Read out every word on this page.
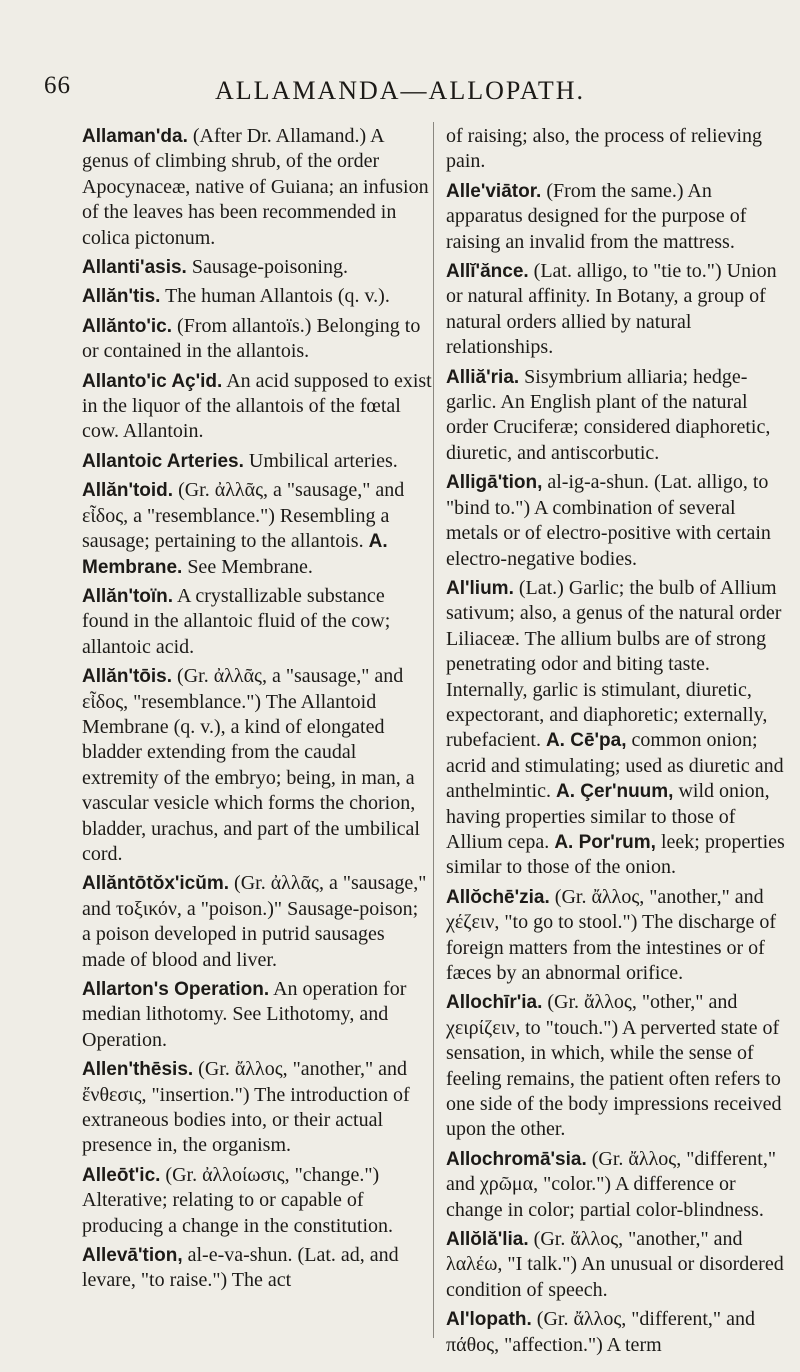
66	ALLAMANDA—ALLOPATH.

Allaman'da. (After Dr. Allamand.) A genus of climbing shrub, of the order Apocynaceæ, native of Guiana; an infusion of the leaves has been recommended in colica pictonum.

Allanti'asis. Sausage-poisoning.

Allăn'tis. The human Allantois (q. v.).

Allănto'ic. (From allantoïs.) Belonging to or contained in the allantois.

Allanto'ic Aç'id. An acid supposed to exist in the liquor of the allantois of the fœtal cow. Allantoin.

Allantoic Arteries. Umbilical arteries.

Allăn'toid. (Gr. ἀλλᾶς, a "sausage," and εἶδος, a "resemblance.") Resembling a sausage; pertaining to the allantois. A. Membrane. See Membrane.

Allăn'toïn. A crystallizable substance found in the allantoic fluid of the cow; allantoic acid.

Allăn'tōis. (Gr. ἀλλᾶς, a "sausage," and εἶδος, "resemblance.") The Allantoid Membrane (q. v.), a kind of elongated bladder extending from the caudal extremity of the embryo; being, in man, a vascular vesicle which forms the chorion, bladder, urachus, and part of the umbilical cord.

Allăntōtŏx'icŭm. (Gr. ἀλλᾶς, a "sausage," and τοξικόν, a "poison.)" Sausage-poison; a poison developed in putrid sausages made of blood and liver.

Allarton's Operation. An operation for median lithotomy. See Lithotomy, and Operation.

Allen'thēsis. (Gr. ἄλλος, "another," and ἔνθεσις, "insertion.") The introduction of extraneous bodies into, or their actual presence in, the organism.

Alleōt'ic. (Gr. ἀλλοίωσις, "change.") Alterative; relating to or capable of producing a change in the constitution.

Allevā'tion, al-e-va-shun. (Lat. ad, and levare, "to raise.") The act

of raising; also, the process of relieving pain.

Alle'viātor. (From the same.) An apparatus designed for the purpose of raising an invalid from the mattress.

Allĭ'ănce. (Lat. alligo, to "tie to.") Union or natural affinity. In Botany, a group of natural orders allied by natural relationships.

Alliă'ria. Sisymbrium alliaria; hedge-garlic. An English plant of the natural order Cruciferæ; considered diaphoretic, diuretic, and antiscorbutic.

Alligā'tion, al-ig-a-shun. (Lat. alligo, to "bind to.") A combination of several metals or of electro-positive with certain electro-negative bodies.

Al'lium. (Lat.) Garlic; the bulb of Allium sativum; also, a genus of the natural order Liliaceæ. The allium bulbs are of strong penetrating odor and biting taste. Internally, garlic is stimulant, diuretic, expectorant, and diaphoretic; externally, rubefacient. A. Cē'pa, common onion; acrid and stimulating; used as diuretic and anthelmintic. A. Çer'nuum, wild onion, having properties similar to those of Allium cepa. A. Por'rum, leek; properties similar to those of the onion.

Allŏchē'zia. (Gr. ἄλλος, "another," and χέζειν, "to go to stool.") The discharge of foreign matters from the intestines or of fæces by an abnormal orifice.

Allochīr'ia. (Gr. ἄλλος, "other," and χειρίζειν, to "touch.") A perverted state of sensation, in which, while the sense of feeling remains, the patient often refers to one side of the body impressions received upon the other.

Allochromā'sia. (Gr. ἄλλος, "different," and χρῶμα, "color.") A difference or change in color; partial color-blindness.

Allŏlă'lia. (Gr. ἄλλος, "another," and λαλέω, "I talk.") An unusual or disordered condition of speech.

Al'lopath. (Gr. ἄλλος, "different," and πάθος, "affection.") A term
